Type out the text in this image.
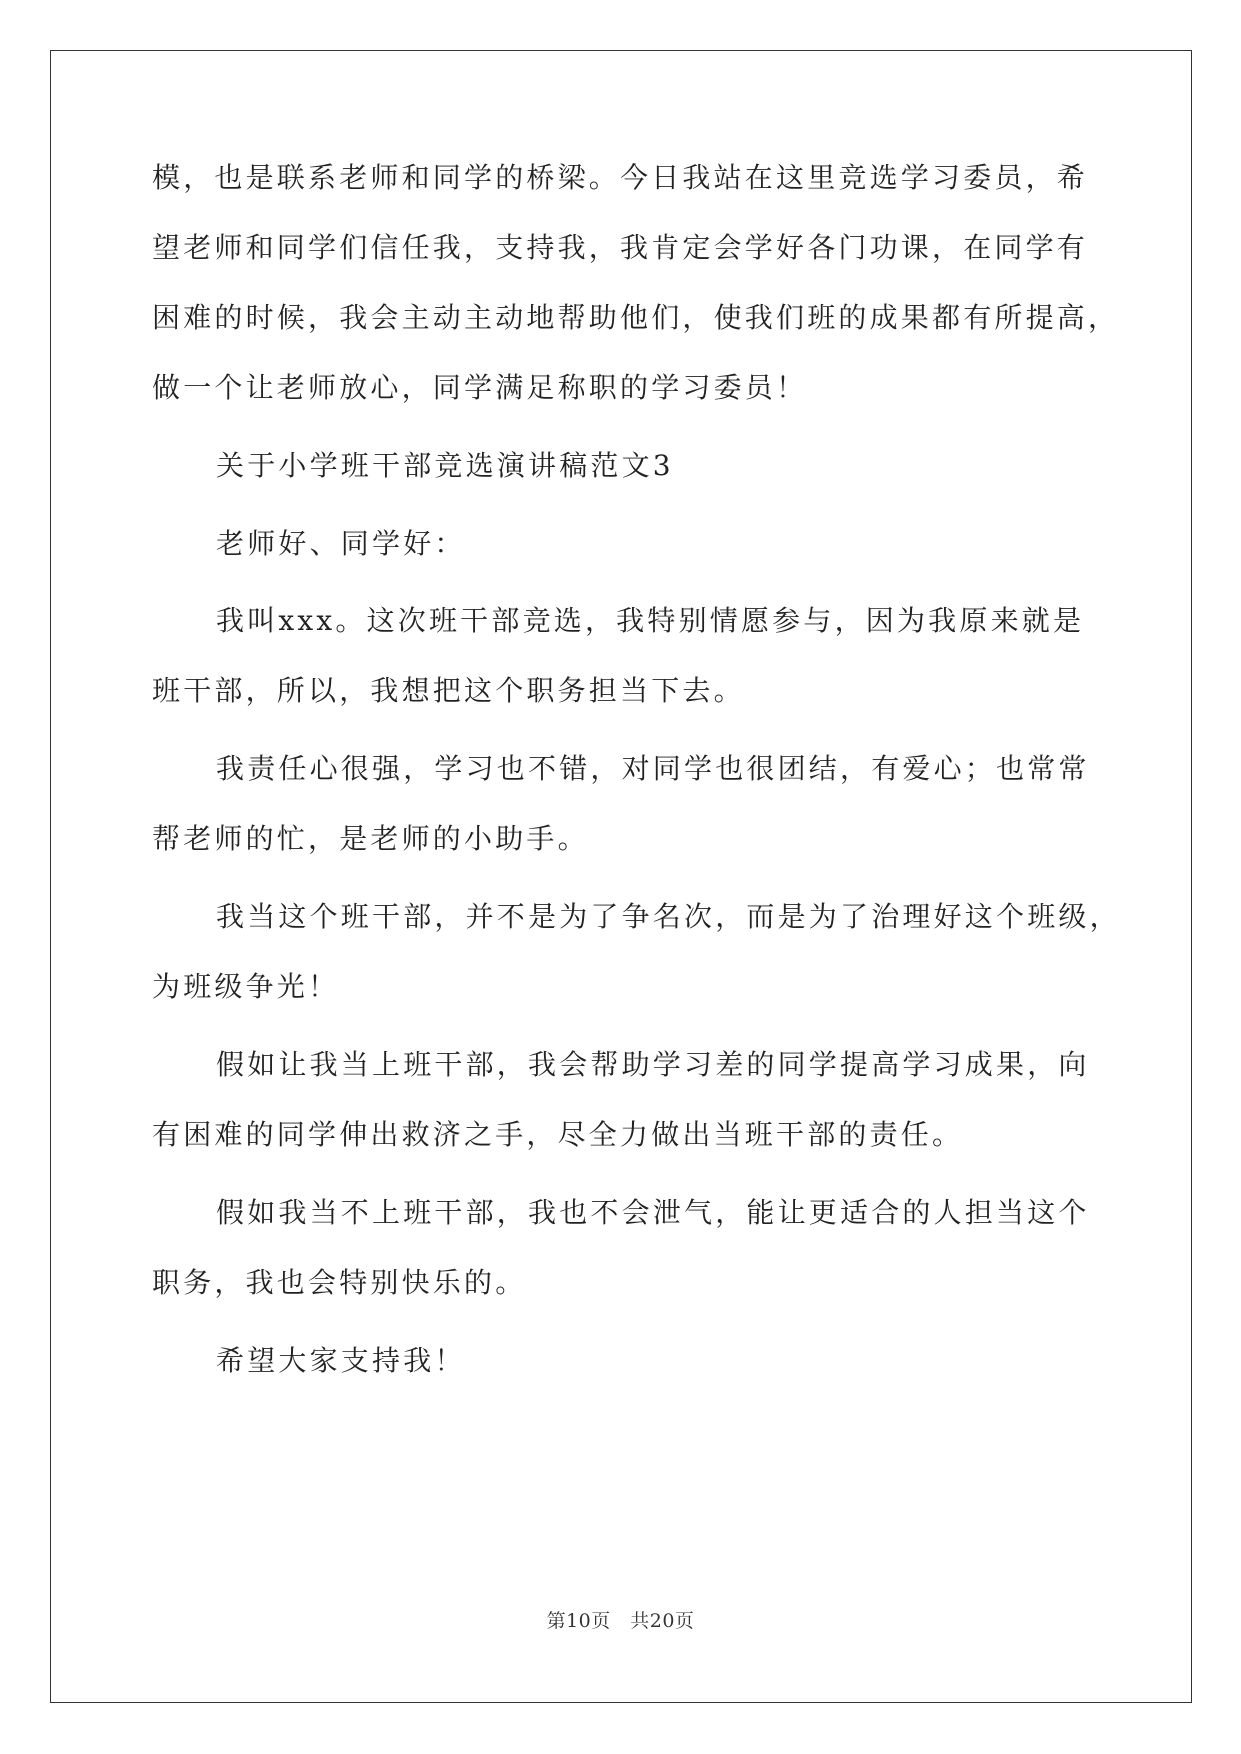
模，也是联系老师和同学的桥梁。今日我站在这里竞选学习委员，希
望老师和同学们信任我，支持我，我肯定会学好各门功课，在同学有
困难的时候，我会主动主动地帮助他们，使我们班的成果都有所提高，
做一个让老师放心，同学满足称职的学习委员！
关于小学班干部竞选演讲稿范文3
老师好、同学好：
我叫xxx。这次班干部竞选，我特别情愿参与，因为我原来就是
班干部，所以，我想把这个职务担当下去。
我责任心很强，学习也不错，对同学也很团结，有爱心；也常常
帮老师的忙，是老师的小助手。
我当这个班干部，并不是为了争名次，而是为了治理好这个班级，
为班级争光！
假如让我当上班干部，我会帮助学习差的同学提高学习成果，向
有困难的同学伸出救济之手，尽全力做出当班干部的责任。
假如我当不上班干部，我也不会泄气，能让更适合的人担当这个
职务，我也会特别快乐的。
希望大家支持我！
第10页　共20页
